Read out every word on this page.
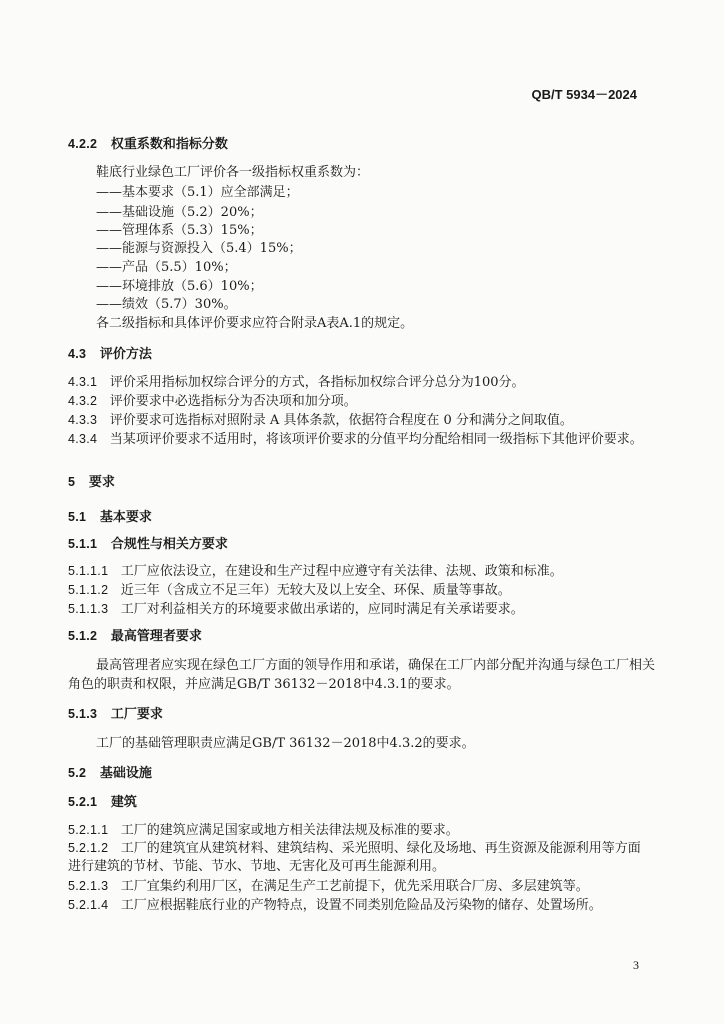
QB/T 5934－2024
4.2.2 权重系数和指标分数
鞋底行业绿色工厂评价各一级指标权重系数为：
——基本要求（5.1）应全部满足；
——基础设施（5.2）20%；
——管理体系（5.3）15%；
——能源与资源投入（5.4）15%；
——产品（5.5）10%；
——环境排放（5.6）10%；
——绩效（5.7）30%。
各二级指标和具体评价要求应符合附录A表A.1的规定。
4.3 评价方法
4.3.1 评价采用指标加权综合评分的方式，各指标加权综合评分总分为100分。
4.3.2 评价要求中必选指标分为否决项和加分项。
4.3.3 评价要求可选指标对照附录 A 具体条款，依据符合程度在 0 分和满分之间取值。
4.3.4 当某项评价要求不适用时，将该项评价要求的分值平均分配给相同一级指标下其他评价要求。
5 要求
5.1 基本要求
5.1.1 合规性与相关方要求
5.1.1.1 工厂应依法设立，在建设和生产过程中应遵守有关法律、法规、政策和标准。
5.1.1.2 近三年（含成立不足三年）无较大及以上安全、环保、质量等事故。
5.1.1.3 工厂对利益相关方的环境要求做出承诺的，应同时满足有关承诺要求。
5.1.2 最高管理者要求
最高管理者应实现在绿色工厂方面的领导作用和承诺，确保在工厂内部分配并沟通与绿色工厂相关
角色的职责和权限，并应满足GB/T 36132－2018中4.3.1的要求。
5.1.3 工厂要求
工厂的基础管理职责应满足GB/T 36132－2018中4.3.2的要求。
5.2 基础设施
5.2.1 建筑
5.2.1.1 工厂的建筑应满足国家或地方相关法律法规及标准的要求。
5.2.1.2 工厂的建筑宜从建筑材料、建筑结构、采光照明、绿化及场地、再生资源及能源利用等方面
进行建筑的节材、节能、节水、节地、无害化及可再生能源利用。
5.2.1.3 工厂宜集约利用厂区，在满足生产工艺前提下，优先采用联合厂房、多层建筑等。
5.2.1.4 工厂应根据鞋底行业的产物特点，设置不同类别危险品及污染物的储存、处置场所。
3
